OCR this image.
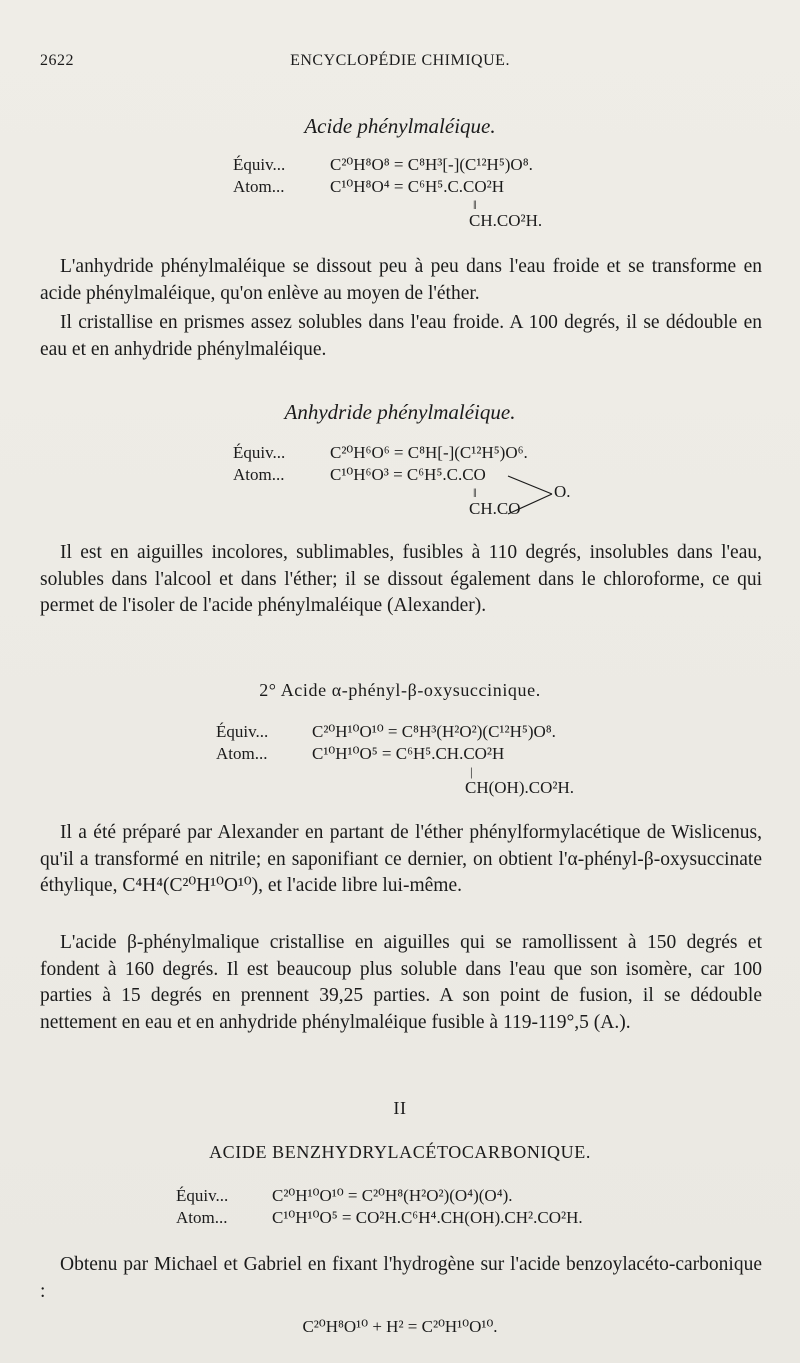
2622	ENCYCLOPÉDIE CHIMIQUE.
Acide phénylmaléique.
Équiv...	C²⁰H⁸O⁸ = C⁸H³[-](C¹²H⁵)O⁸.
Atom...	C¹⁰H⁸O⁴ = C⁶H⁵.C.CO²H
‖
CH.CO²H.
L'anhydride phénylmaléique se dissout peu à peu dans l'eau froide et se transforme en acide phénylmaléique, qu'on enlève au moyen de l'éther.
Il cristallise en prismes assez solubles dans l'eau froide. A 100 degrés, il se dédouble en eau et en anhydride phénylmaléique.
Anhydride phénylmaléique.
Équiv...	C²⁰H⁶O⁶ = C⁸H[-](C¹²H⁵)O⁶.
Atom...	C¹⁰H⁶O³ = C⁶H⁵.C.CO
‖
CH.CO
O.
Il est en aiguilles incolores, sublimables, fusibles à 110 degrés, insolubles dans l'eau, solubles dans l'alcool et dans l'éther; il se dissout également dans le chloroforme, ce qui permet de l'isoler de l'acide phénylmaléique (Alexander).
2° Acide α-phényl-β-oxysuccinique.
Équiv...	C²⁰H¹⁰O¹⁰ = C⁸H³(H²O²)(C¹²H⁵)O⁸.
Atom...	C¹⁰H¹⁰O⁵ = C⁶H⁵.CH.CO²H
|
CH(OH).CO²H.
Il a été préparé par Alexander en partant de l'éther phénylformylacétique de Wislicenus, qu'il a transformé en nitrile; en saponifiant ce dernier, on obtient l'α-phényl-β-oxysuccinate éthylique, C⁴H⁴(C²⁰H¹⁰O¹⁰), et l'acide libre lui-même.
L'acide β-phénylmalique cristallise en aiguilles qui se ramollissent à 150 degrés et fondent à 160 degrés. Il est beaucoup plus soluble dans l'eau que son isomère, car 100 parties à 15 degrés en prennent 39,25 parties. A son point de fusion, il se dédouble nettement en eau et en anhydride phénylmaléique fusible à 119-119°,5 (A.).
II
ACIDE BENZHYDRYLACÉTOCARBONIQUE.
Équiv...	C²⁰H¹⁰O¹⁰ = C²⁰H⁸(H²O²)(O⁴)(O⁴).
Atom...	C¹⁰H¹⁰O⁵ = CO²H.C⁶H⁴.CH(OH).CH².CO²H.
Obtenu par Michael et Gabriel en fixant l'hydrogène sur l'acide benzoylacéto-carbonique :
C²⁰H⁸O¹⁰ + H² = C²⁰H¹⁰O¹⁰.
